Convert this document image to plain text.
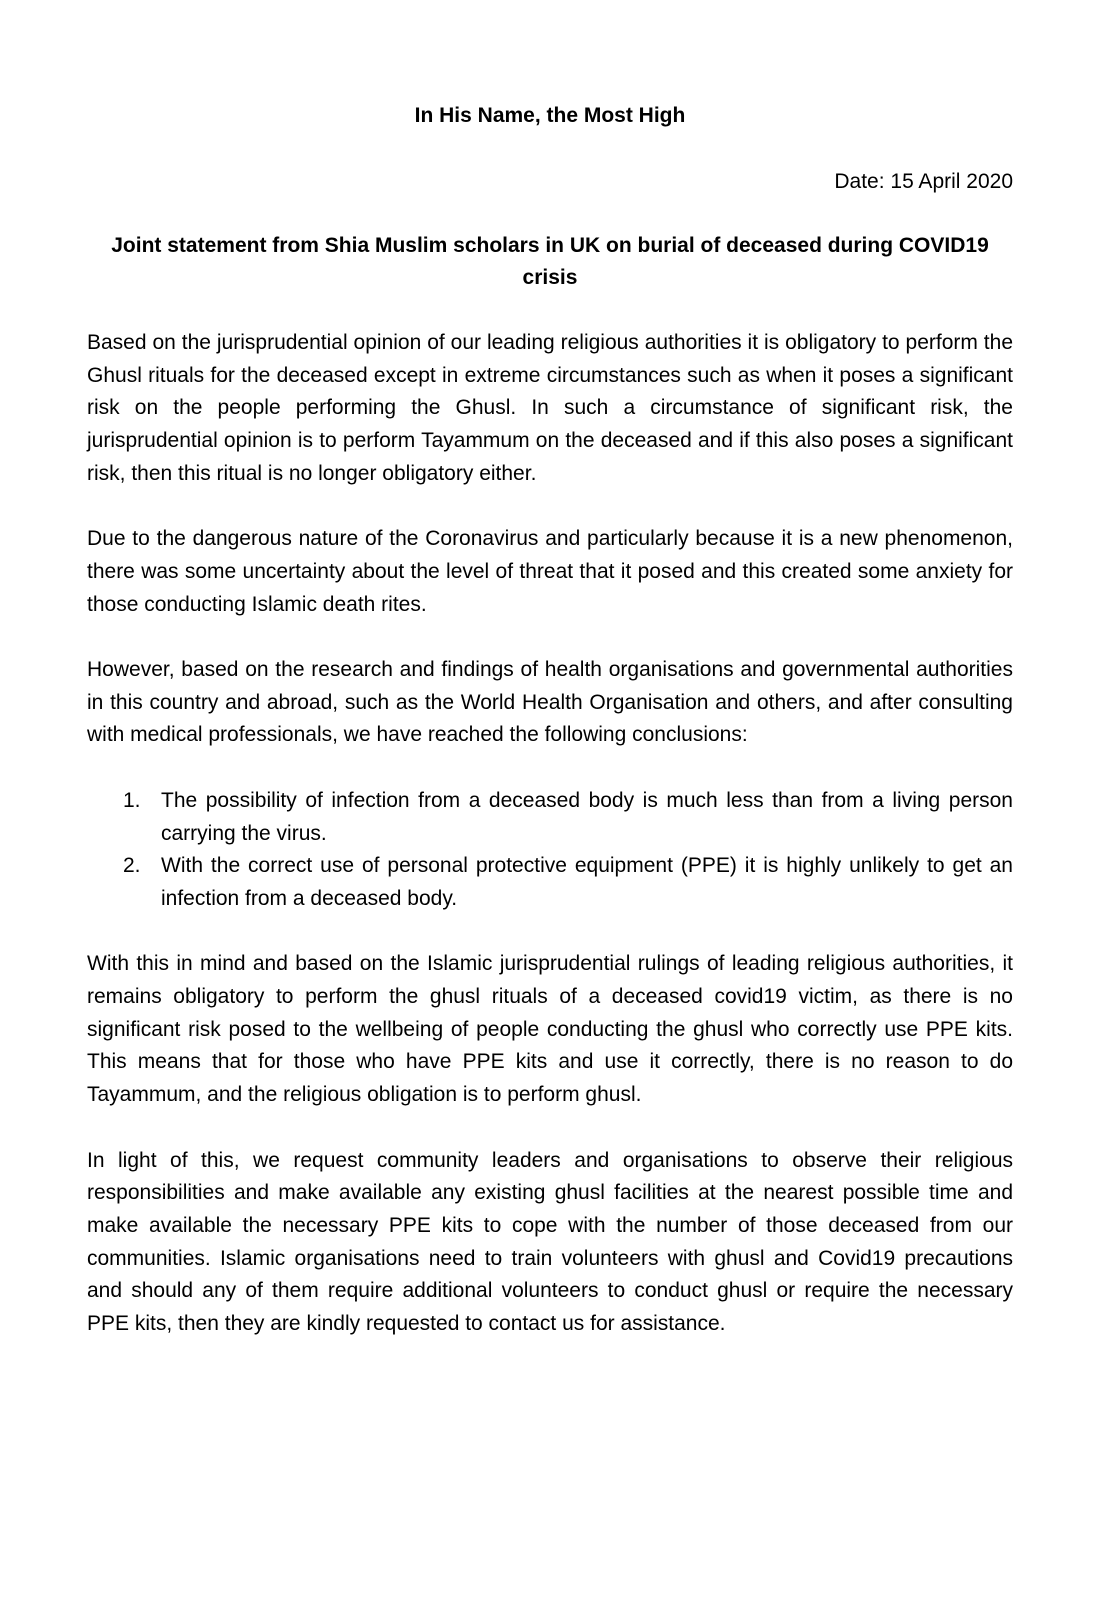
In His Name, the Most High
Date: 15 April 2020
Joint statement from Shia Muslim scholars in UK on burial of deceased during COVID19 crisis

Based on the jurisprudential opinion of our leading religious authorities it is obligatory to perform the Ghusl rituals for the deceased except in extreme circumstances such as when it poses a significant risk on the people performing the Ghusl. In such a circumstance of significant risk, the jurisprudential opinion is to perform Tayammum on the deceased and if this also poses a significant risk, then this ritual is no longer obligatory either.

Due to the dangerous nature of the Coronavirus and particularly because it is a new phenomenon, there was some uncertainty about the level of threat that it posed and this created some anxiety for those conducting Islamic death rites.

However, based on the research and findings of health organisations and governmental authorities in this country and abroad, such as the World Health Organisation and others, and after consulting with medical professionals, we have reached the following conclusions:

1. The possibility of infection from a deceased body is much less than from a living person carrying the virus.
2. With the correct use of personal protective equipment (PPE) it is highly unlikely to get an infection from a deceased body.

With this in mind and based on the Islamic jurisprudential rulings of leading religious authorities, it remains obligatory to perform the ghusl rituals of a deceased covid19 victim, as there is no significant risk posed to the wellbeing of people conducting the ghusl who correctly use PPE kits. This means that for those who have PPE kits and use it correctly, there is no reason to do Tayammum, and the religious obligation is to perform ghusl.

In light of this, we request community leaders and organisations to observe their religious responsibilities and make available any existing ghusl facilities at the nearest possible time and make available the necessary PPE kits to cope with the number of those deceased from our communities. Islamic organisations need to train volunteers with ghusl and Covid19 precautions and should any of them require additional volunteers to conduct ghusl or require the necessary PPE kits, then they are kindly requested to contact us for assistance.
